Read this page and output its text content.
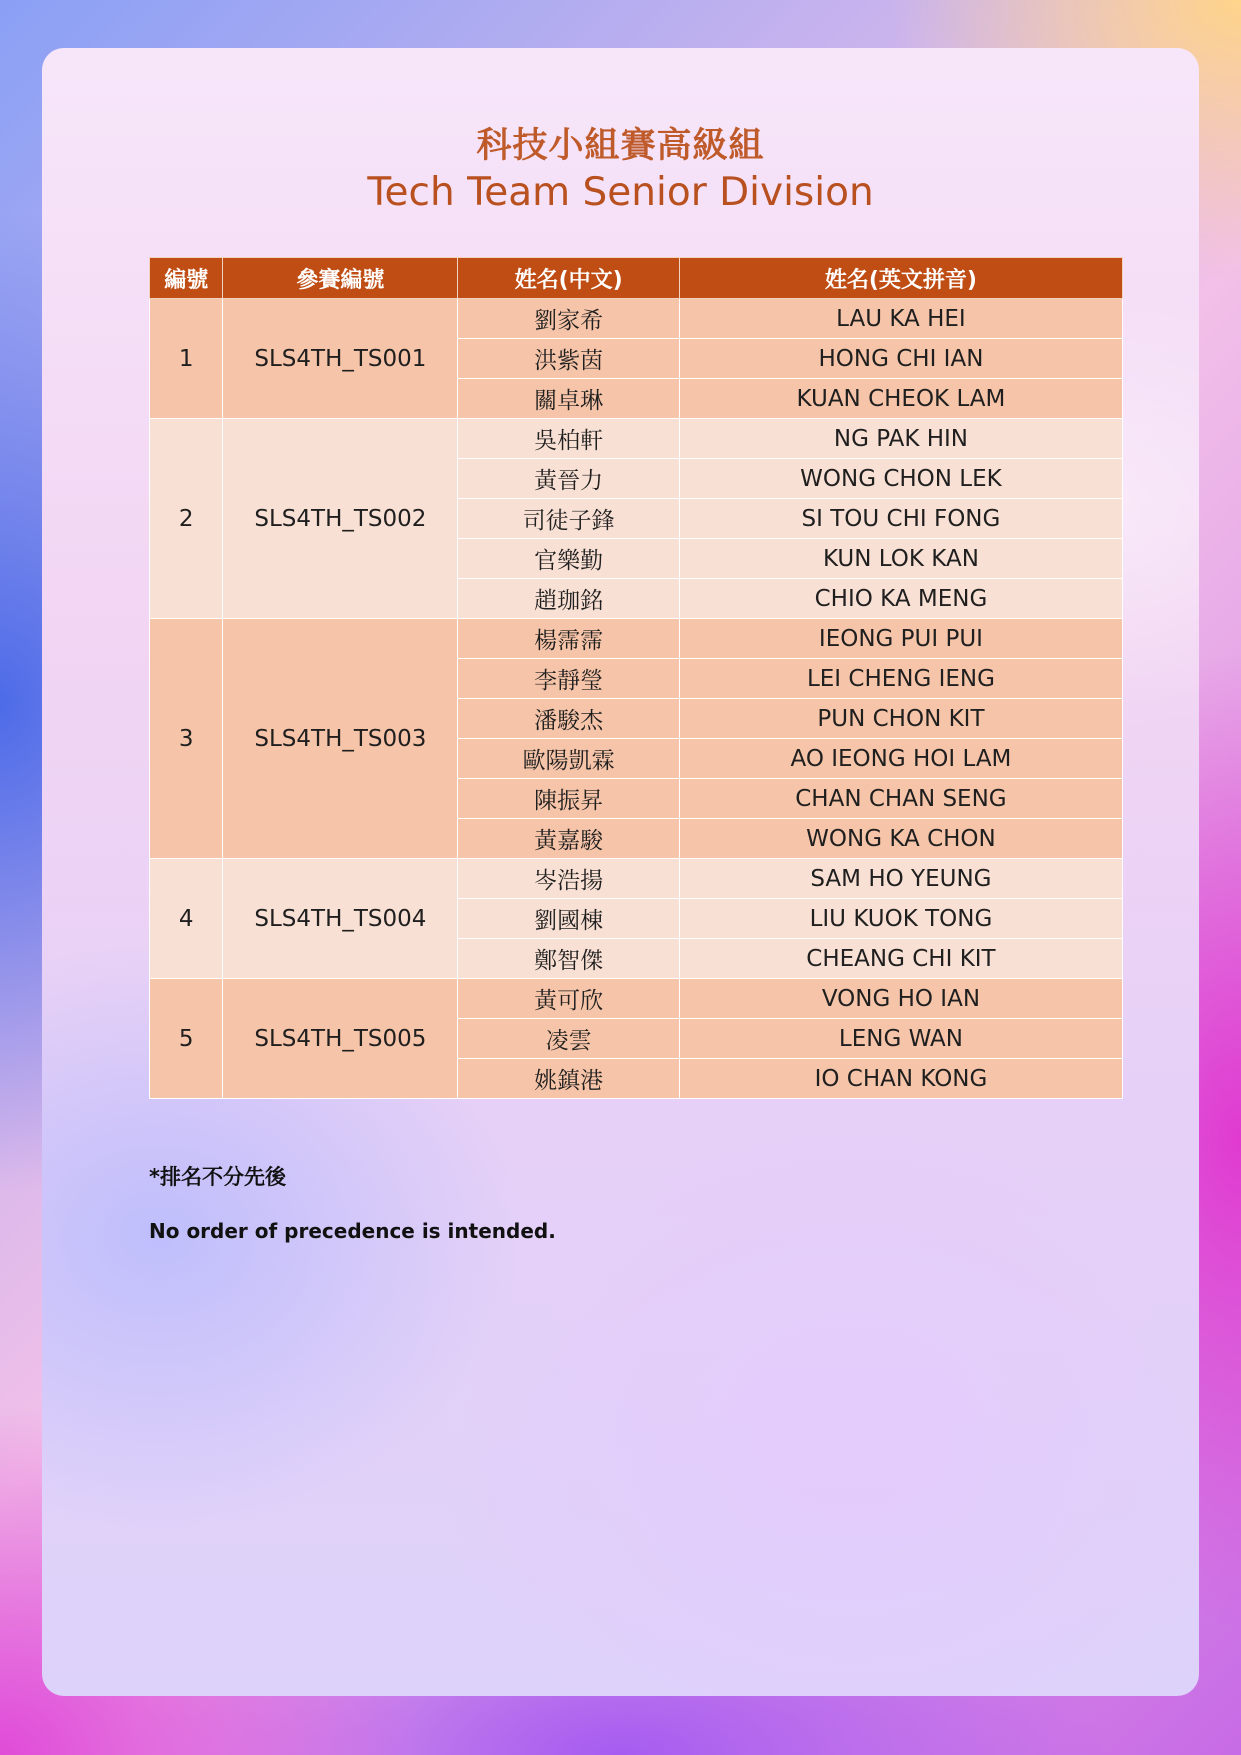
科技小組賽高級組
Tech Team Senior Division
編號	參賽編號	姓名(中文)	姓名(英文拼音)
1	SLS4TH_TS001	劉家希	LAU KA HEI
		洪紫茵	HONG CHI IAN
		關卓琳	KUAN CHEOK LAM
2	SLS4TH_TS002	吳柏軒	NG PAK HIN
		黃晉力	WONG CHON LEK
		司徒子鋒	SI TOU CHI FONG
		官樂勤	KUN LOK KAN
		趙珈銘	CHIO KA MENG
3	SLS4TH_TS003	楊霈霈	IEONG PUI PUI
		李靜瑩	LEI CHENG IENG
		潘駿杰	PUN CHON KIT
		歐陽凱霖	AO IEONG HOI LAM
		陳振昇	CHAN CHAN SENG
		黃嘉駿	WONG KA CHON
4	SLS4TH_TS004	岑浩揚	SAM HO YEUNG
		劉國棟	LIU KUOK TONG
		鄭智傑	CHEANG CHI KIT
5	SLS4TH_TS005	黃可欣	VONG HO IAN
		凌雲	LENG WAN
		姚鎮港	IO CHAN KONG
*排名不分先後
No order of precedence is intended.
